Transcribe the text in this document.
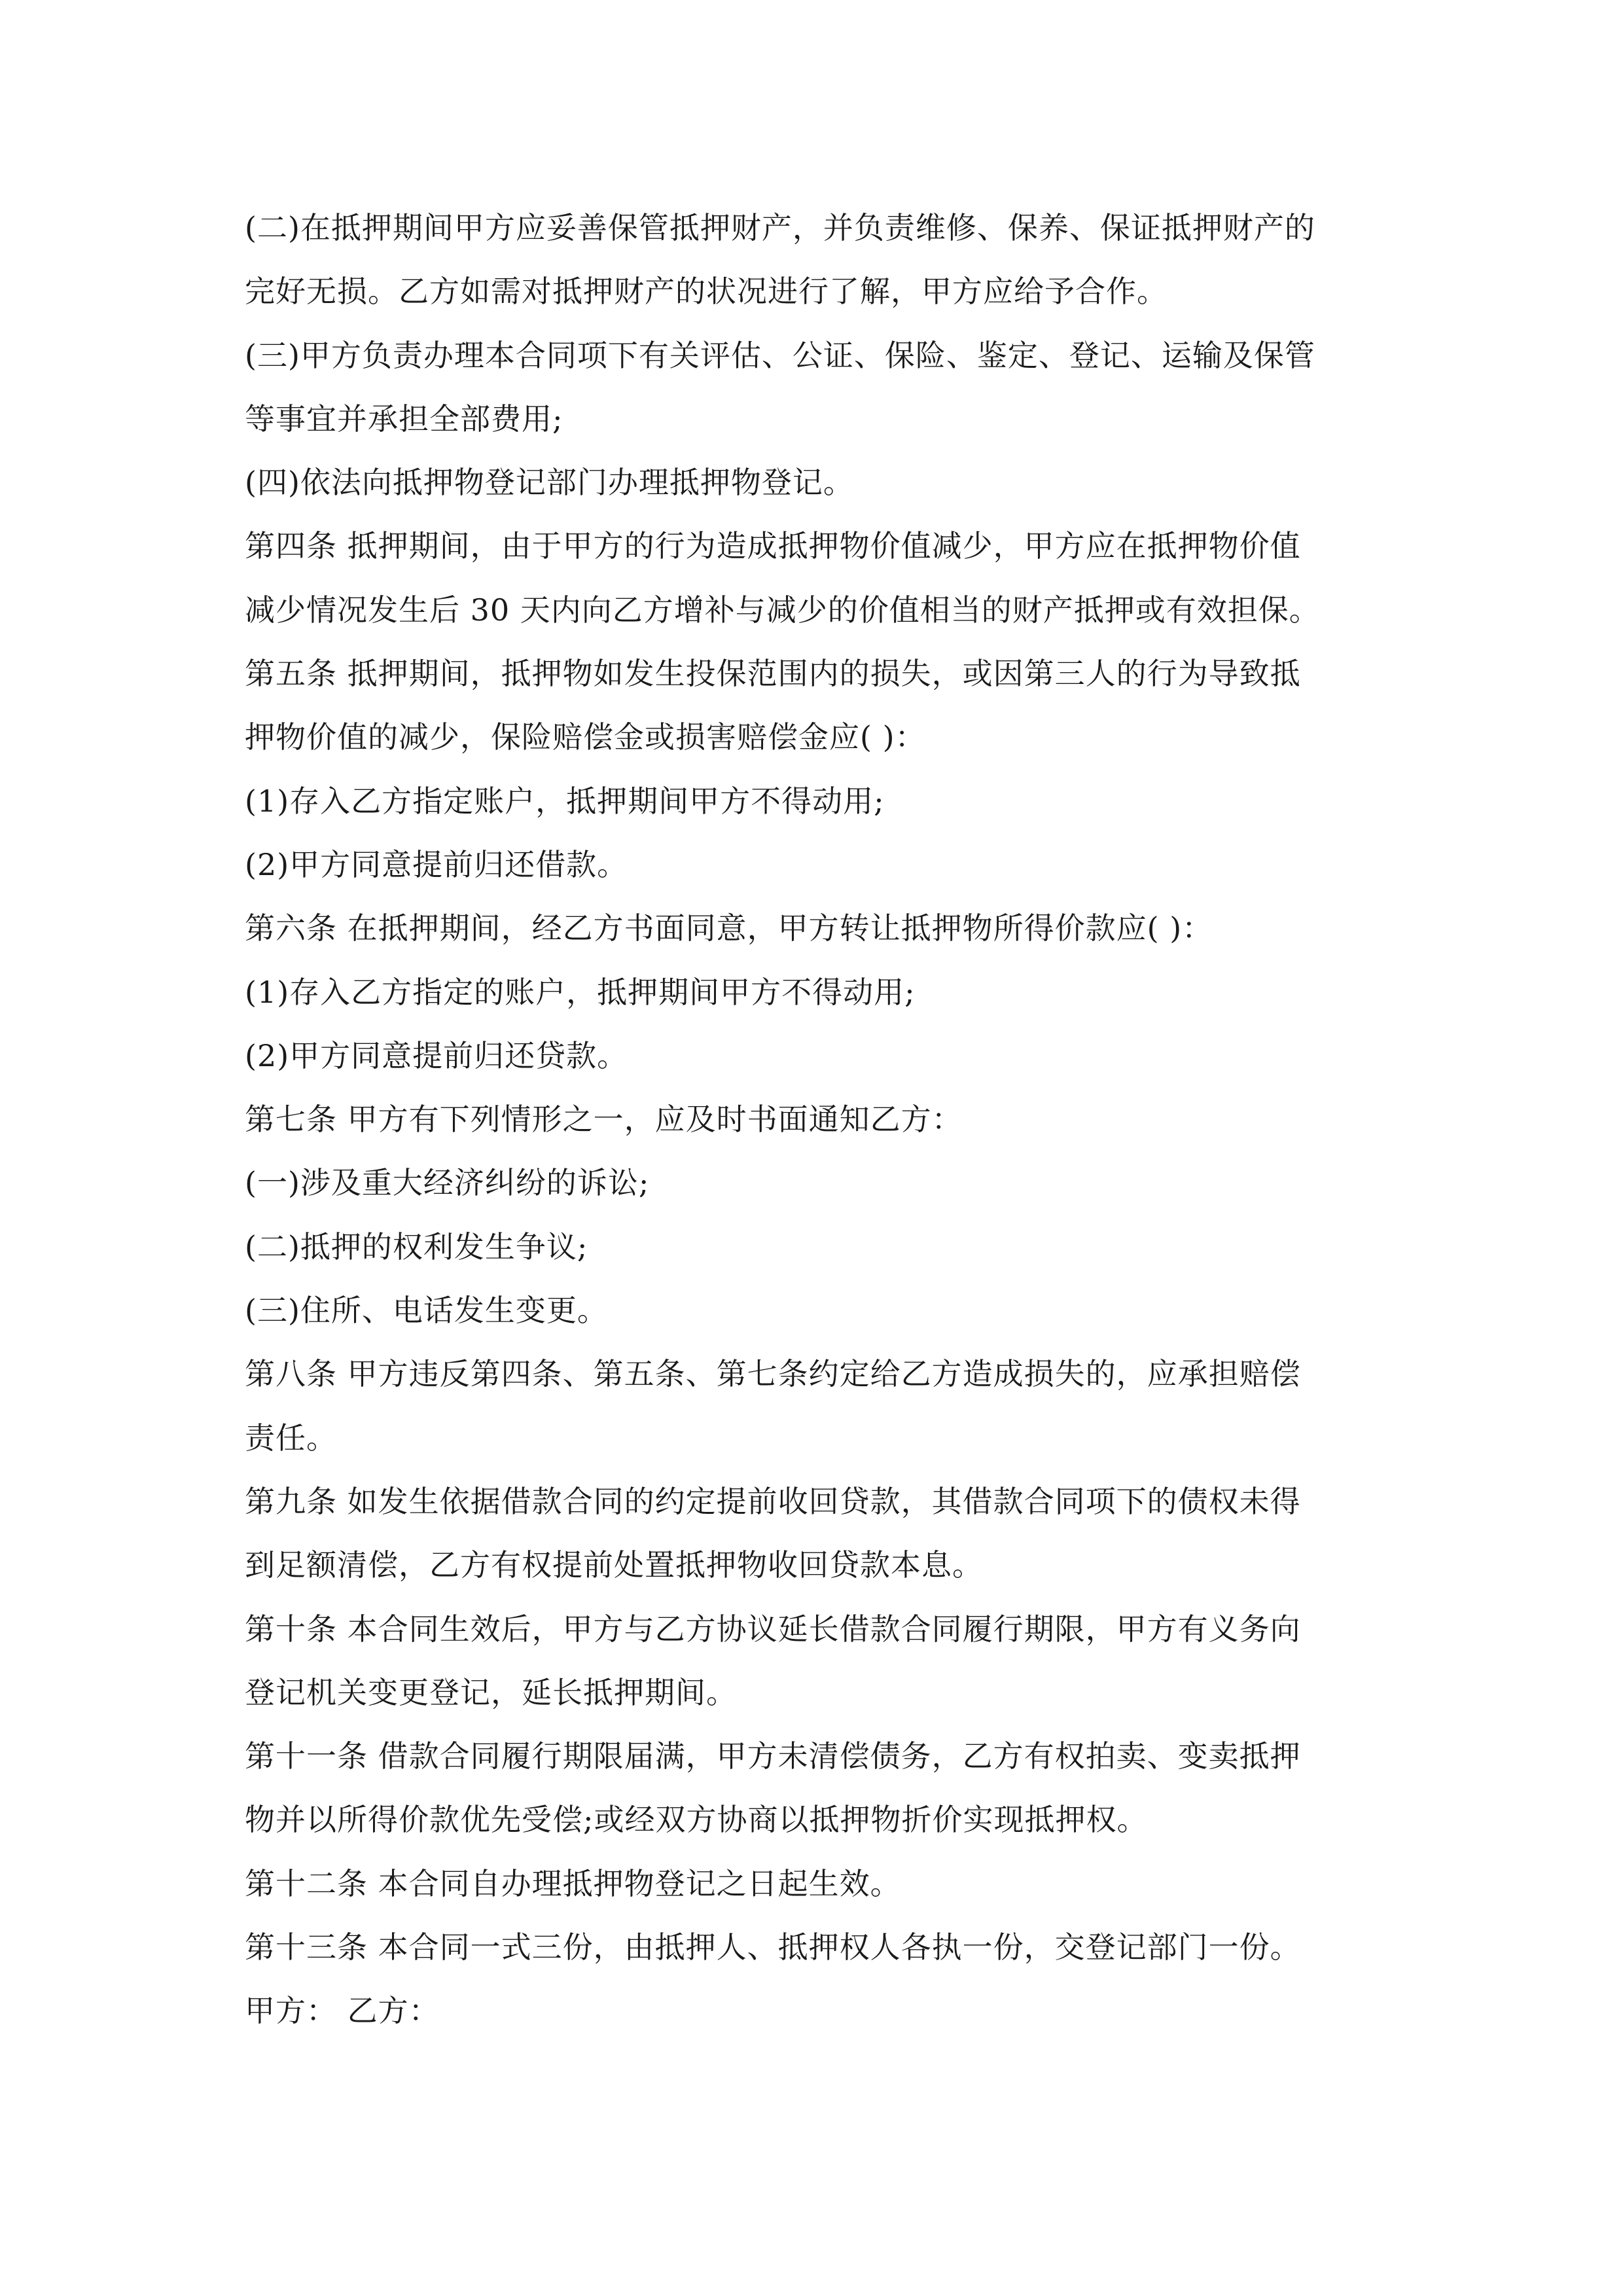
(二)在抵押期间甲方应妥善保管抵押财产，并负责维修、保养、保证抵押财产的
完好无损。乙方如需对抵押财产的状况进行了解，甲方应给予合作。
(三)甲方负责办理本合同项下有关评估、公证、保险、鉴定、登记、运输及保管
等事宜并承担全部费用;
(四)依法向抵押物登记部门办理抵押物登记。
第四条 抵押期间，由于甲方的行为造成抵押物价值减少，甲方应在抵押物价值
减少情况发生后 30 天内向乙方增补与减少的价值相当的财产抵押或有效担保。
第五条 抵押期间，抵押物如发生投保范围内的损失，或因第三人的行为导致抵
押物价值的减少，保险赔偿金或损害赔偿金应( )：
(1)存入乙方指定账户，抵押期间甲方不得动用;
(2)甲方同意提前归还借款。
第六条 在抵押期间，经乙方书面同意，甲方转让抵押物所得价款应( )：
(1)存入乙方指定的账户，抵押期间甲方不得动用;
(2)甲方同意提前归还贷款。
第七条 甲方有下列情形之一，应及时书面通知乙方：
(一)涉及重大经济纠纷的诉讼;
(二)抵押的权利发生争议;
(三)住所、电话发生变更。
第八条 甲方违反第四条、第五条、第七条约定给乙方造成损失的，应承担赔偿
责任。
第九条 如发生依据借款合同的约定提前收回贷款，其借款合同项下的债权未得
到足额清偿，乙方有权提前处置抵押物收回贷款本息。
第十条 本合同生效后，甲方与乙方协议延长借款合同履行期限，甲方有义务向
登记机关变更登记，延长抵押期间。
第十一条 借款合同履行期限届满，甲方未清偿债务，乙方有权拍卖、变卖抵押
物并以所得价款优先受偿;或经双方协商以抵押物折价实现抵押权。
第十二条 本合同自办理抵押物登记之日起生效。
第十三条 本合同一式三份，由抵押人、抵押权人各执一份，交登记部门一份。
甲方： 乙方：
